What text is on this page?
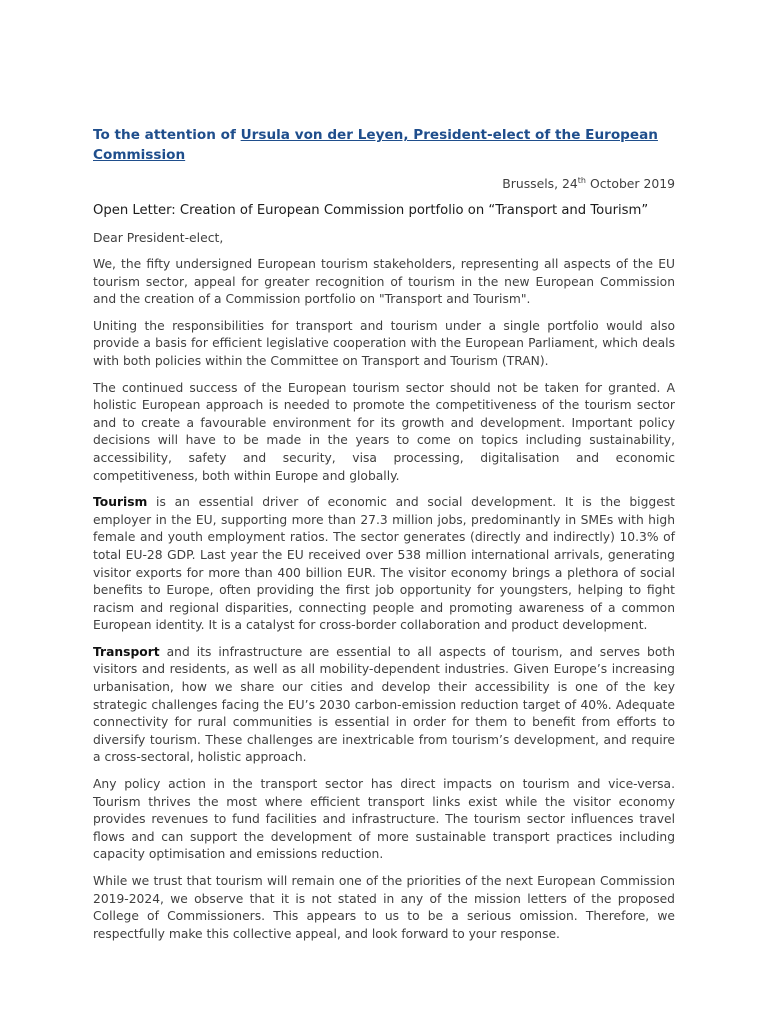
To the attention of Ursula von der Leyen, President-elect of the European Commission
Brussels, 24th October 2019
Open Letter: Creation of European Commission portfolio on “Transport and Tourism”
Dear President-elect,

We, the fifty undersigned European tourism stakeholders, representing all aspects of the EU tourism sector, appeal for greater recognition of tourism in the new European Commission and the creation of a Commission portfolio on "Transport and Tourism".

Uniting the responsibilities for transport and tourism under a single portfolio would also provide a basis for efficient legislative cooperation with the European Parliament, which deals with both policies within the Committee on Transport and Tourism (TRAN).

The continued success of the European tourism sector should not be taken for granted. A holistic European approach is needed to promote the competitiveness of the tourism sector and to create a favourable environment for its growth and development. Important policy decisions will have to be made in the years to come on topics including sustainability, accessibility, safety and security, visa processing, digitalisation and economic competitiveness, both within Europe and globally.

Tourism is an essential driver of economic and social development. It is the biggest employer in the EU, supporting more than 27.3 million jobs, predominantly in SMEs with high female and youth employment ratios. The sector generates (directly and indirectly) 10.3% of total EU-28 GDP. Last year the EU received over 538 million international arrivals, generating visitor exports for more than 400 billion EUR. The visitor economy brings a plethora of social benefits to Europe, often providing the first job opportunity for youngsters, helping to fight racism and regional disparities, connecting people and promoting awareness of a common European identity. It is a catalyst for cross-border collaboration and product development.

Transport and its infrastructure are essential to all aspects of tourism, and serves both visitors and residents, as well as all mobility-dependent industries. Given Europe’s increasing urbanisation, how we share our cities and develop their accessibility is one of the key strategic challenges facing the EU’s 2030 carbon-emission reduction target of 40%. Adequate connectivity for rural communities is essential in order for them to benefit from efforts to diversify tourism. These challenges are inextricable from tourism’s development, and require a cross-sectoral, holistic approach.

Any policy action in the transport sector has direct impacts on tourism and vice-versa. Tourism thrives the most where efficient transport links exist while the visitor economy provides revenues to fund facilities and infrastructure. The tourism sector influences travel flows and can support the development of more sustainable transport practices including capacity optimisation and emissions reduction.

While we trust that tourism will remain one of the priorities of the next European Commission 2019-2024, we observe that it is not stated in any of the mission letters of the proposed College of Commissioners. This appears to us to be a serious omission. Therefore, we respectfully make this collective appeal, and look forward to your response.
